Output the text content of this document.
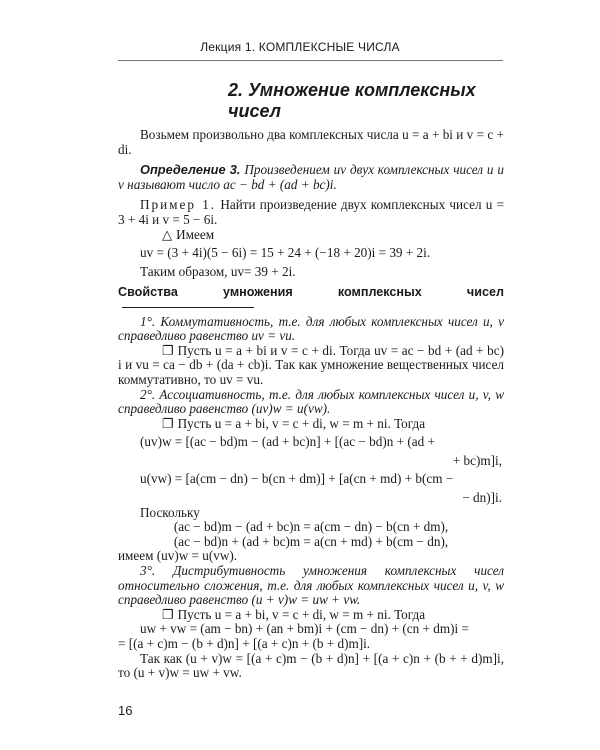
Лекция 1. КОМПЛЕКСНЫЕ ЧИСЛА
2. Умножение комплексных чисел

Возьмем произвольно два комплексных числа u = a + bi и v = c + di.

Определение 3. Произведением uv двух комплексных чисел u и v называют число ac − bd + (ad + bc)i.

Пример 1. Найти произведение двух комплексных чисел u = 3 + 4i и v = 5 − 6i.

△ Имеем

uv = (3 + 4i)(5 − 6i) = 15 + 24 + (−18 + 20)i = 39 + 2i.

Таким образом, uv= 39 + 2i.

Свойства умножения комплексных чисел

1°. Коммутативность, т.е. для любых комплексных чисел u, v справедливо равенство uv = vu.

❐ Пусть u = a + bi и v = c + di. Тогда uv = ac − bd + (ad + bc) i и vu = ca − db + (da + cb)i. Так как умножение вещественных чисел коммутативно, то uv = vu.

2°. Ассоциативность, т.е. для любых комплексных чисел u, v, w справедливо равенство (uv)w = u(vw).

❐ Пусть u = a + bi, v = c + di, w = m + ni. Тогда

(uv)w = [(ac − bd)m − (ad + bc)n] + [(ac − bd)n + (ad +

+ bc)m]i,

u(vw) = [a(cm − dn) − b(cn + dm)] + [a(cn + md) + b(cm −

− dn)]i.

Поскольку

(ac − bd)m − (ad + bc)n = a(cm − dn) − b(cn + dm),

(ac − bd)n + (ad + bc)m = a(cn + md) + b(cm − dn),

имеем (uv)w = u(vw).

3°. Дистрибутивность умножения комплексных чисел относительно сложения, т.е. для любых комплексных чисел u, v, w справедливо равенство (u + v)w = uw + vw.

❐ Пусть u = a + bi, v = c + di, w = m + ni. Тогда

uw + vw = (am − bn) + (an + bm)i + (cm − dn) + (cn + dm)i =

= [(a + c)m − (b + d)n] + [(a + c)n + (b + d)m]i.

Так как (u + v)w = [(a + c)m − (b + d)n] + [(a + c)n + (b + + d)m]i, то (u + v)w = uw + vw.

16
